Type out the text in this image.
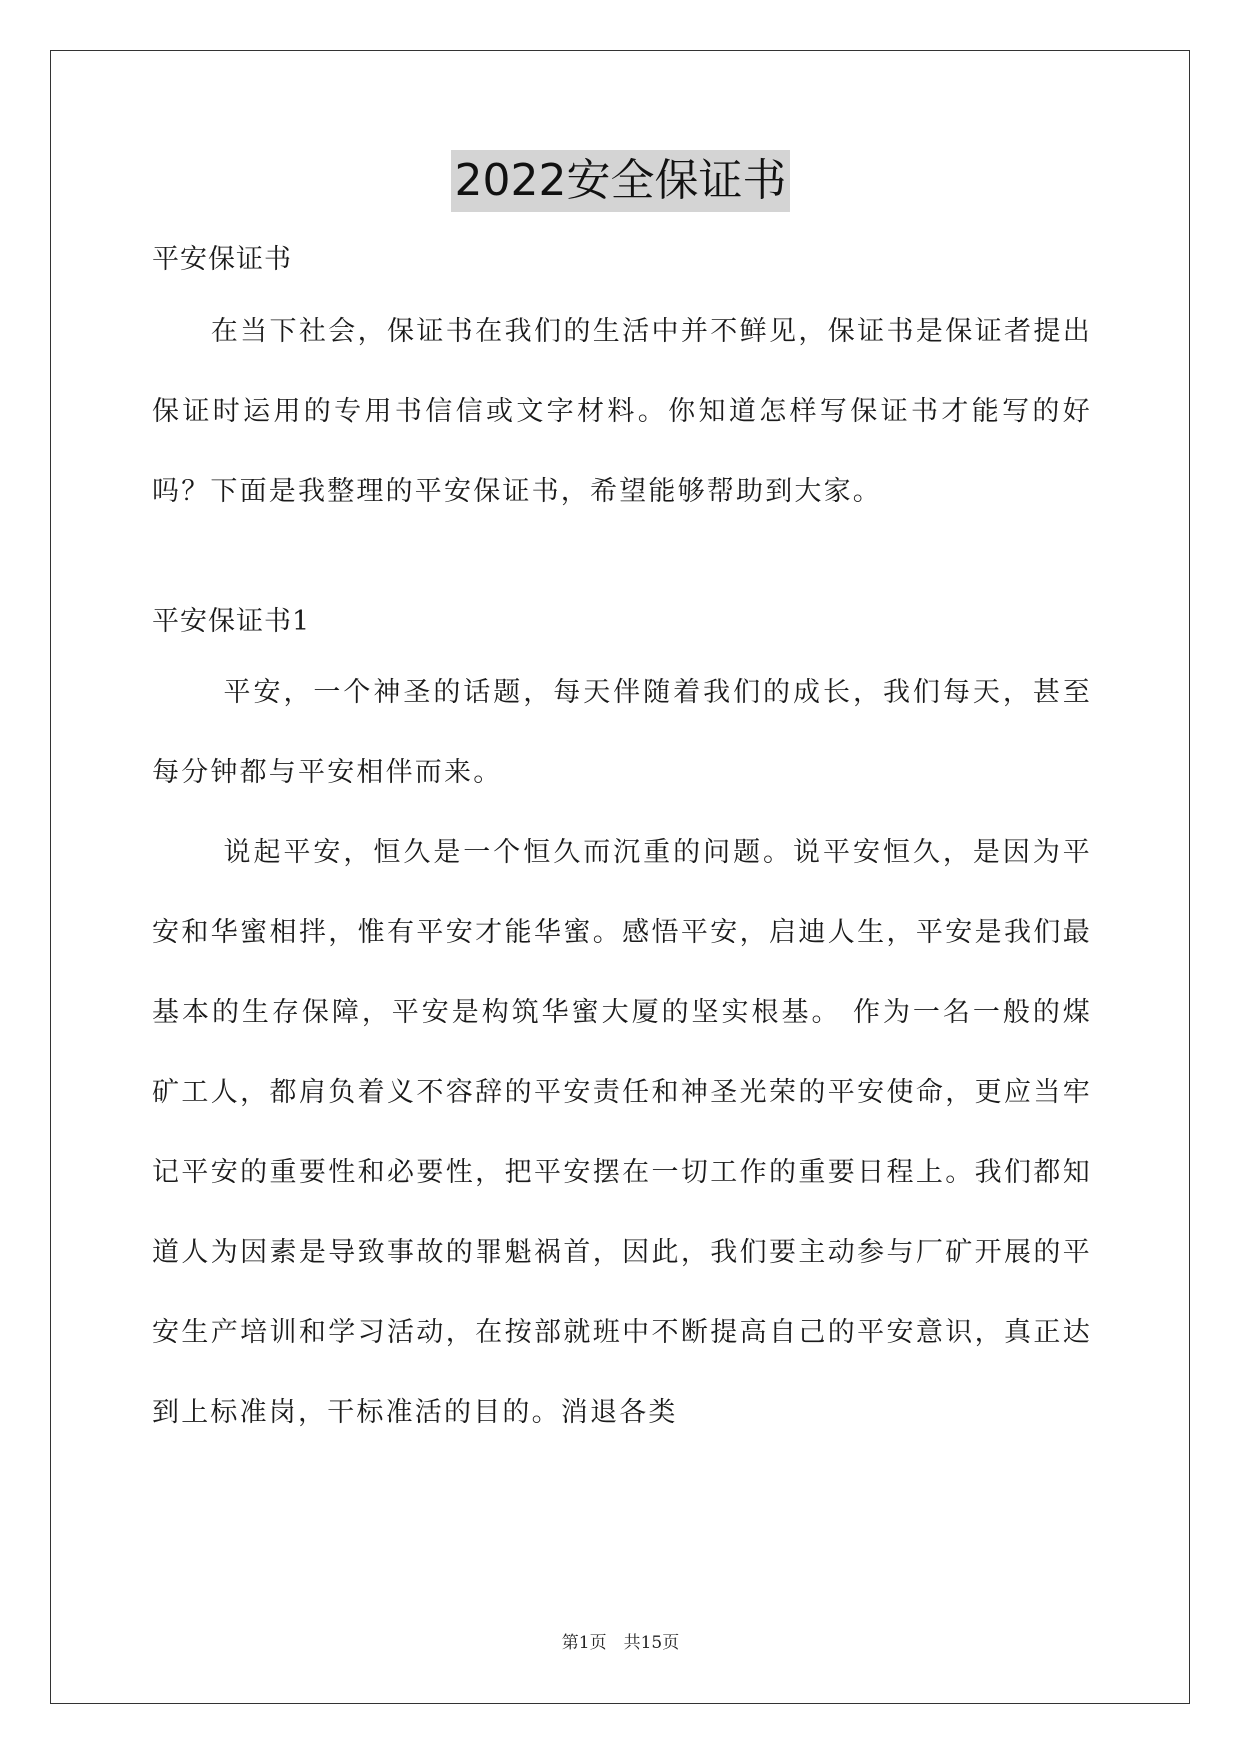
2022安全保证书
平安保证书

　　在当下社会，保证书在我们的生活中并不鲜见，保证书是保证者提出保证时运用的专用书信信或文字材料。你知道怎样写保证书才能写的好吗？下面是我整理的平安保证书，希望能够帮助到大家。

平安保证书1

　　 平安，一个神圣的话题，每天伴随着我们的成长，我们每天，甚至每分钟都与平安相伴而来。

　　 说起平安，恒久是一个恒久而沉重的问题。说平安恒久，是因为平安和华蜜相拌，惟有平安才能华蜜。感悟平安，启迪人生，平安是我们最基本的生存保障，平安是构筑华蜜大厦的坚实根基。 作为一名一般的煤矿工人，都肩负着义不容辞的平安责任和神圣光荣的平安使命，更应当牢记平安的重要性和必要性，把平安摆在一切工作的重要日程上。我们都知道人为因素是导致事故的罪魁祸首，因此，我们要主动参与厂矿开展的平安生产培训和学习活动，在按部就班中不断提高自己的平安意识，真正达到上标准岗，干标准活的目的。消退各类

第1页　共15页
